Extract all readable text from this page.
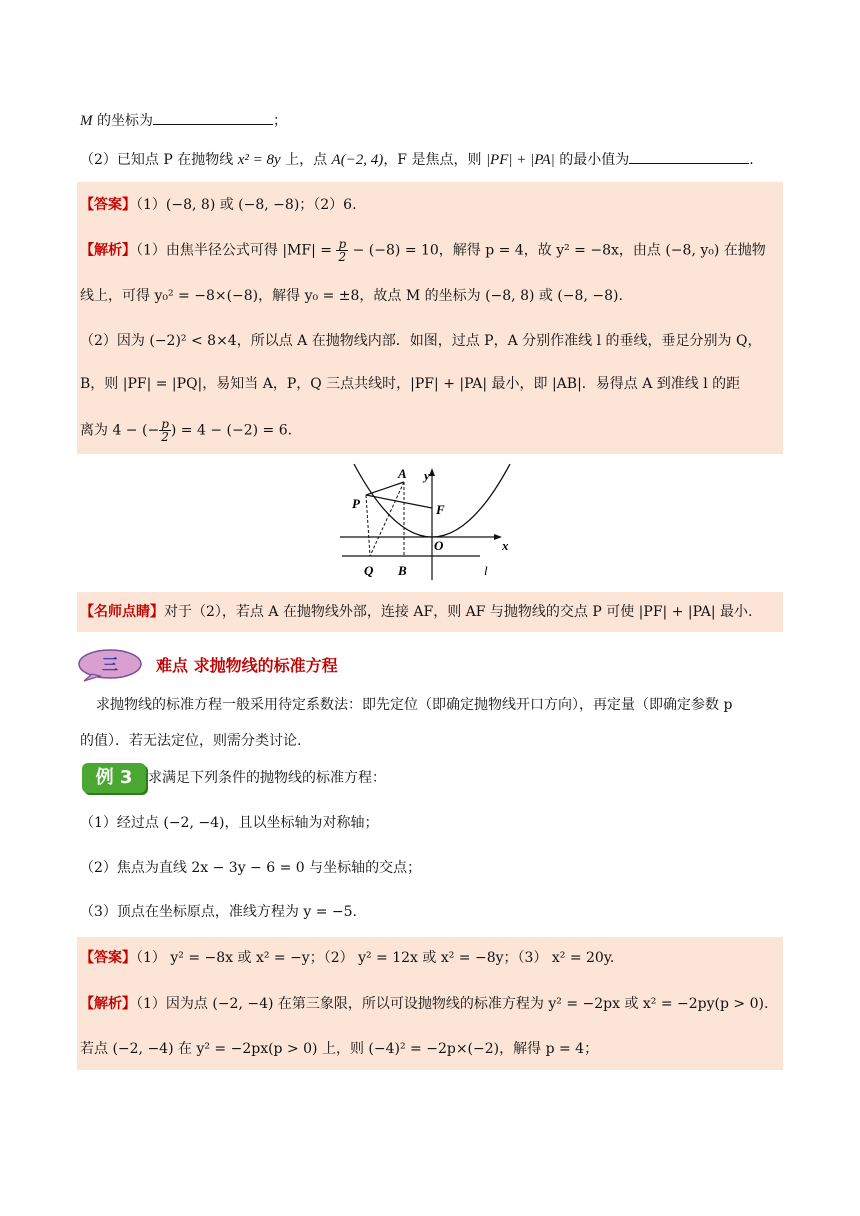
M 的坐标为	；
（2）已知点 P 在抛物线 x² = 8y 上，点 A(−2, 4)，F 是焦点，则 |PF| + |PA| 的最小值为	.
【答案】（1）(−8, 8) 或 (−8, −8)；（2）6.
【解析】（1）由焦半径公式可得 $|MF| = \frac{p}{2} - (-8) = 10$，解得 p = 4，故 y² = −8x，由点 (−8, y₀) 在抛物
线上，可得 y₀² = −8×(−8)，解得 y₀ = ±8，故点 M 的坐标为 (−8, 8) 或 (−8, −8).
（2）因为 (−2)² < 8×4，所以点 A 在抛物线内部．如图，过点 P，A 分别作准线 l 的垂线，垂足分别为 Q，
B，则 |PF| = |PQ|，易知当 A，P，Q 三点共线时，|PF| + |PA| 最小，即 |AB|．易得点 A 到准线 l 的距
离为 4 − (− $\frac{p}{2}$ ) = 4 − (−2) = 6.
y
x
A
P	F
O
Q B	l
【名师点睛】对于（2），若点 A 在抛物线外部，连接 AF，则 AF 与抛物线的交点 P 可使 |PF| + |PA| 最小.
三 难点 求抛物线的标准方程
求抛物线的标准方程一般采用待定系数法：即先定位（即确定抛物线开口方向），再定量（即确定参数 p
的值）．若无法定位，则需分类讨论.
例 3	求满足下列条件的抛物线的标准方程：
（1）经过点 (−2, −4)，且以坐标轴为对称轴；
（2）焦点为直线 2x − 3y − 6 = 0 与坐标轴的交点；
（3）顶点在坐标原点，准线方程为 y = −5.
【答案】（1） y² = −8x 或 x² = −y；（2） y² = 12x 或 x² = −8y；（3） x² = 20y.
【解析】（1）因为点 (−2, −4) 在第三象限，所以可设抛物线的标准方程为 y² = −2px 或 x² = −2py(p > 0).
若点 (−2, −4) 在 y² = −2px(p > 0) 上，则 (−4)² = −2p×(−2)，解得 p = 4；
